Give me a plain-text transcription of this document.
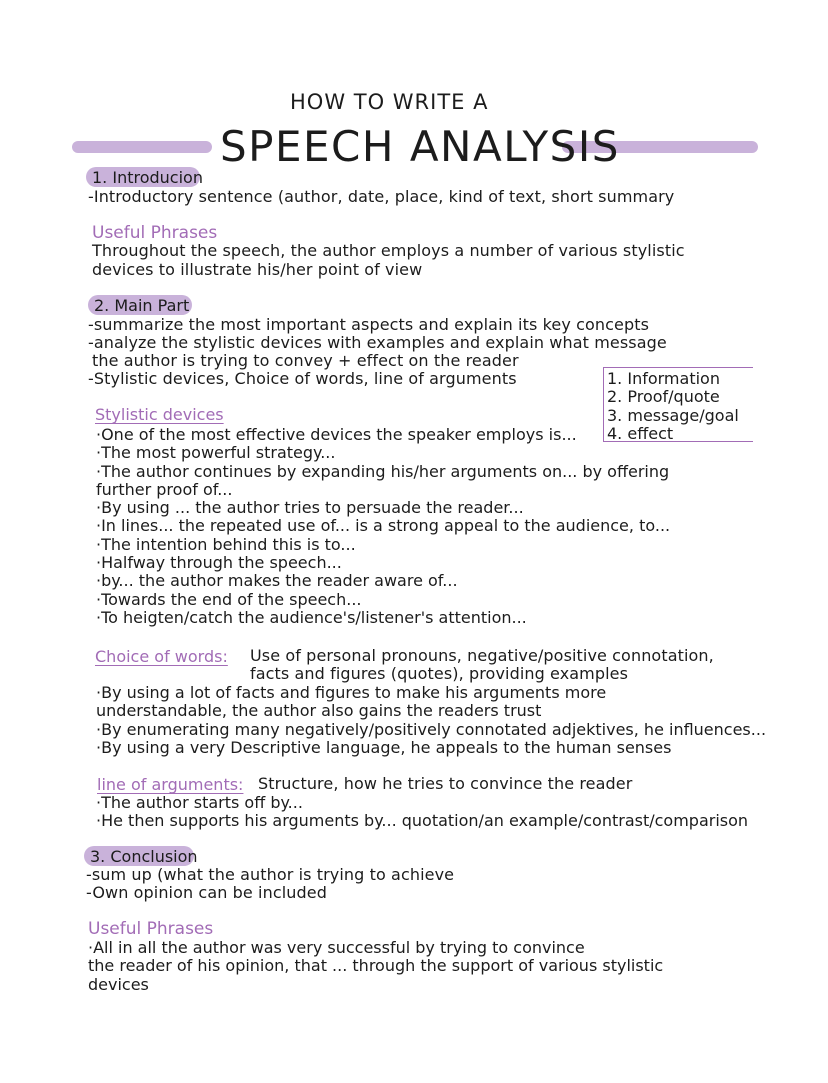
HOW TO WRITE A
SPEECH ANALYSIS
1. Introducion
-Introductory sentence (author, date, place, kind of text, short summary
Useful Phrases
Throughout the speech, the author employs a number of various stylistic
devices to illustrate his/her point of view
2. Main Part
-summarize the most important aspects and explain its key concepts
-analyze the stylistic devices with examples and explain what message
the author is trying to convey + effect on the reader
-Stylistic devices, Choice of words, line of arguments	1. Information
2. Proof/quote
3. message/goal
4. effect
Stylistic devices
·One of the most effective devices the speaker employs is...
·The most powerful strategy...
·The author continues by expanding his/her arguments on... by offering
further proof of...
·By using ... the author tries to persuade the reader...
·In lines... the repeated use of... is a strong appeal to the audience, to...
·The intention behind this is to...
·Halfway through the speech...
·by... the author makes the reader aware of...
·Towards the end of the speech...
·To heigten/catch the audience's/listener's attention...
Choice of words: Use of personal pronouns, negative/positive connotation,
facts and figures (quotes), providing examples
·By using a lot of facts and figures to make his arguments more
understandable, the author also gains the readers trust
·By enumerating many negatively/positively connotated adjektives, he influences...
·By using a very Descriptive language, he appeals to the human senses
line of arguments: Structure, how he tries to convince the reader
·The author starts off by...
·He then supports his arguments by... quotation/an example/contrast/comparison
3. Conclusion
-sum up (what the author is trying to achieve
-Own opinion can be included
Useful Phrases
·All in all the author was very successful by trying to convince
the reader of his opinion, that ... through the support of various stylistic
devices
